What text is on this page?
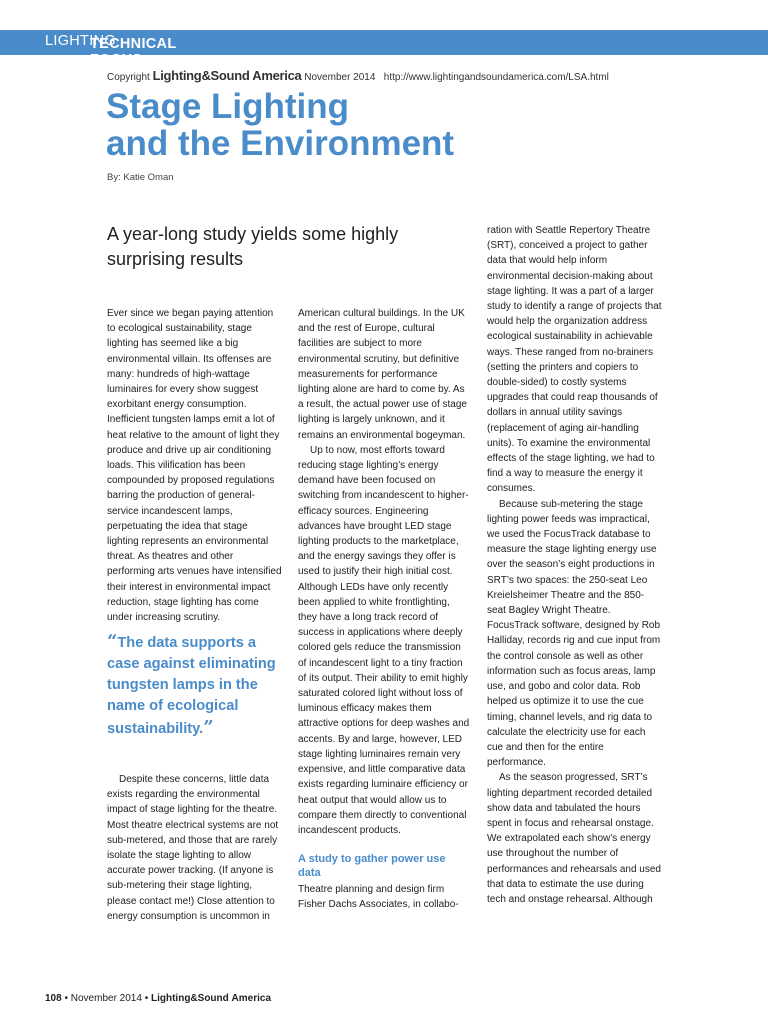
TECHNICAL FOCUS:
LIGHTING
Copyright Lighting&Sound America November 2014 http://www.lightingandsoundamerica.com/LSA.html
Stage Lighting
and the Environment
By: Katie Oman
A year-long study yields some highly surprising results

Ever since we began paying attention to ecological sustainability, stage lighting has seemed like a big environmental villain. Its offenses are many: hundreds of high-wattage luminaires for every show suggest exorbitant energy consumption. Inefficient tungsten lamps emit a lot of heat relative to the amount of light they produce and drive up air conditioning loads. This vilification has been compounded by proposed regulations barring the production of general-service incandescent lamps, perpetuating the idea that stage lighting represents an environmental threat. As theatres and other performing arts venues have intensified their interest in environmental impact reduction, stage lighting has come under increasing scrutiny.

“The data supports a case against eliminating tungsten lamps in the name of ecological sustainability.”

Despite these concerns, little data exists regarding the environmental impact of stage lighting for the theatre. Most theatre electrical systems are not sub-metered, and those that are rarely isolate the stage lighting to allow accurate power tracking. (If anyone is sub-metering their stage lighting, please contact me!) Close attention to energy consumption is uncommon in

American cultural buildings. In the UK and the rest of Europe, cultural facilities are subject to more environmental scrutiny, but definitive measurements for performance lighting alone are hard to come by. As a result, the actual power use of stage lighting is largely unknown, and it remains an environmental bogeyman.

Up to now, most efforts toward reducing stage lighting’s energy demand have been focused on switching from incandescent to higher-efficacy sources. Engineering advances have brought LED stage lighting products to the marketplace, and the energy savings they offer is used to justify their high initial cost. Although LEDs have only recently been applied to white frontlighting, they have a long track record of success in applications where deeply colored gels reduce the transmission of incandescent light to a tiny fraction of its output. Their ability to emit highly saturated colored light without loss of luminous efficacy makes them attractive options for deep washes and accents. By and large, however, LED stage lighting luminaires remain very expensive, and little comparative data exists regarding luminaire efficiency or heat output that would allow us to compare them directly to conventional incandescent products.

A study to gather power use data

Theatre planning and design firm Fisher Dachs Associates, in collabo-

ration with Seattle Repertory Theatre (SRT), conceived a project to gather data that would help inform environmental decision-making about stage lighting. It was a part of a larger study to identify a range of projects that would help the organization address ecological sustainability in achievable ways. These ranged from no-brainers (setting the printers and copiers to double-sided) to costly systems upgrades that could reap thousands of dollars in annual utility savings (replacement of aging air-handling units). To examine the environmental effects of the stage lighting, we had to find a way to measure the energy it consumes.

Because sub-metering the stage lighting power feeds was impractical, we used the FocusTrack database to measure the stage lighting energy use over the season’s eight productions in SRT’s two spaces: the 250-seat Leo Kreielsheimer Theatre and the 850-seat Bagley Wright Theatre. FocusTrack software, designed by Rob Halliday, records rig and cue input from the control console as well as other information such as focus areas, lamp use, and gobo and color data. Rob helped us optimize it to use the cue timing, channel levels, and rig data to calculate the electricity use for each cue and then for the entire performance.

As the season progressed, SRT’s lighting department recorded detailed show data and tabulated the hours spent in focus and rehearsal onstage. We extrapolated each show’s energy use throughout the number of performances and rehearsals and used that data to estimate the use during tech and onstage rehearsal. Although

108 • November 2014 • Lighting&Sound America
